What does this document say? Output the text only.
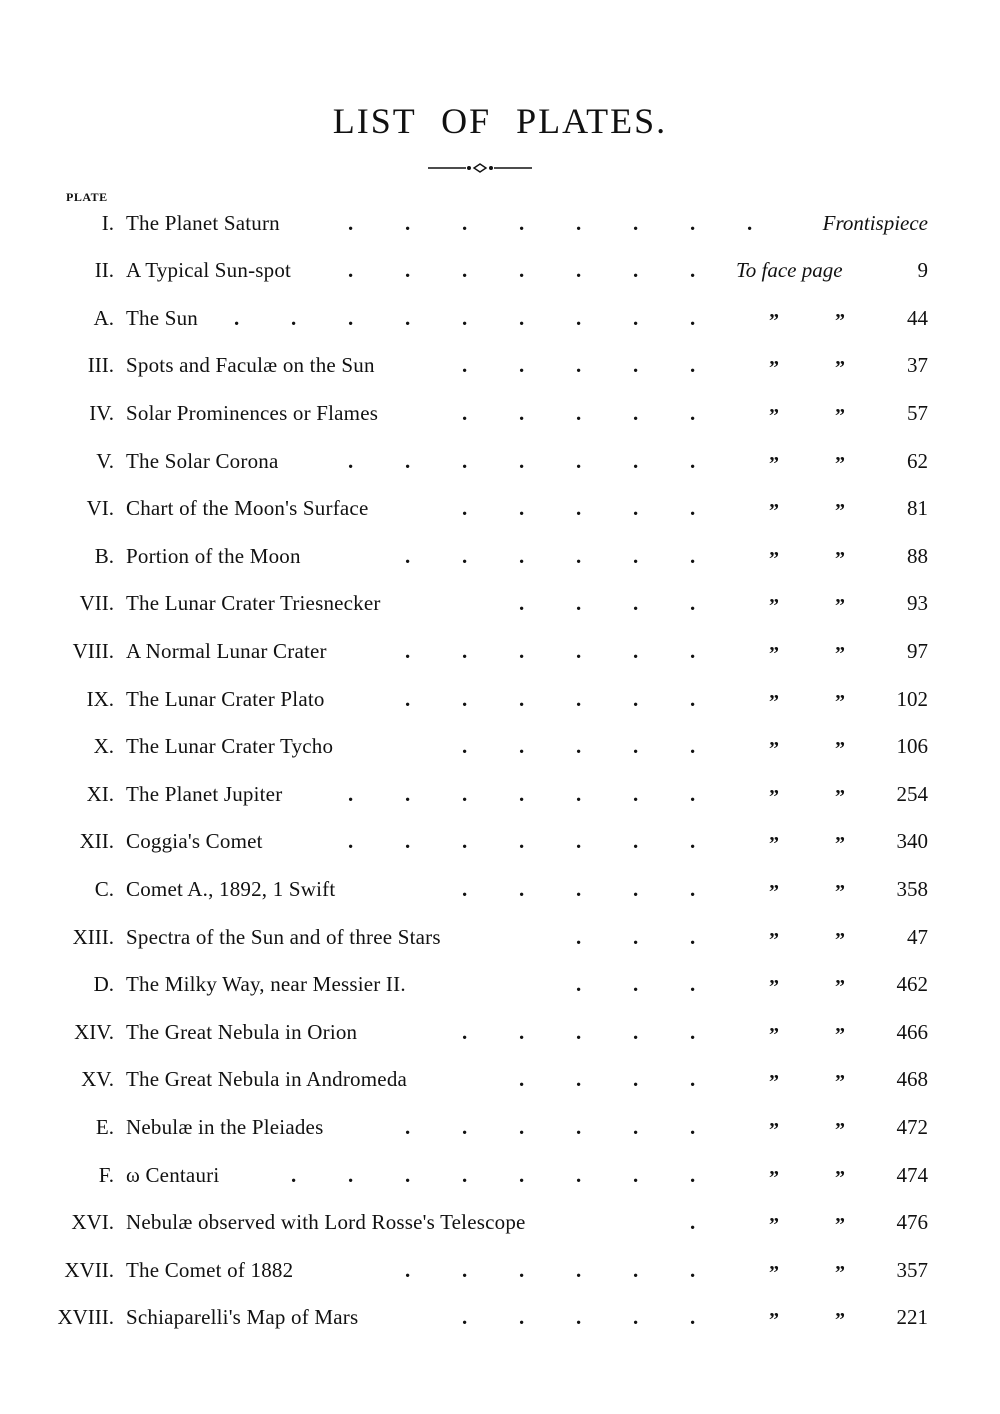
LIST OF PLATES.
PLATE
I. The Planet Saturn	. . . . . . . .	Frontispiece
II. A Typical Sun-spot	. . . . . . . To face page	9
A. The Sun . . . . . . . . .	”	”	44
III. Spots and Faculæ on the Sun	. . . . .	”	”	37
IV. Solar Prominences or Flames	. . . . .	”	”	57
V. The Solar Corona	. . . . . . .	”	”	62
VI. Chart of the Moon's Surface	. . . . .	”	”	81
B. Portion of the Moon	. . . . . .	”	”	88
VII. The Lunar Crater Triesnecker	. . . .	”	”	93
VIII. A Normal Lunar Crater	. . . . . .	”	”	97
IX. The Lunar Crater Plato	. . . . . .	”	” 102
X. The Lunar Crater Tycho	. . . . .	”	” 106
XI. The Planet Jupiter	. . . . . . .	”	” 254
XII. Coggia's Comet	. . . . . . .	”	” 340
C. Comet A., 1892, 1 Swift	. . . . .	”	” 358
XIII. Spectra of the Sun and of three Stars	. . .	”	”	47
D. The Milky Way, near Messier II.	. . .	”	” 462
XIV. The Great Nebula in Orion	. . . . .	”	” 466
XV. The Great Nebula in Andromeda	. . . .	”	” 468
E. Nebulæ in the Pleiades	. . . . . .	”	” 472
F. ω Centauri	. . . . . . . .	”	” 474
XVI. Nebulæ observed with Lord Rosse's Telescope	.	”	” 476
XVII. The Comet of 1882	. . . . . .	”	” 357
XVIII. Schiaparelli's Map of Mars	. . . . .	”	” 221
